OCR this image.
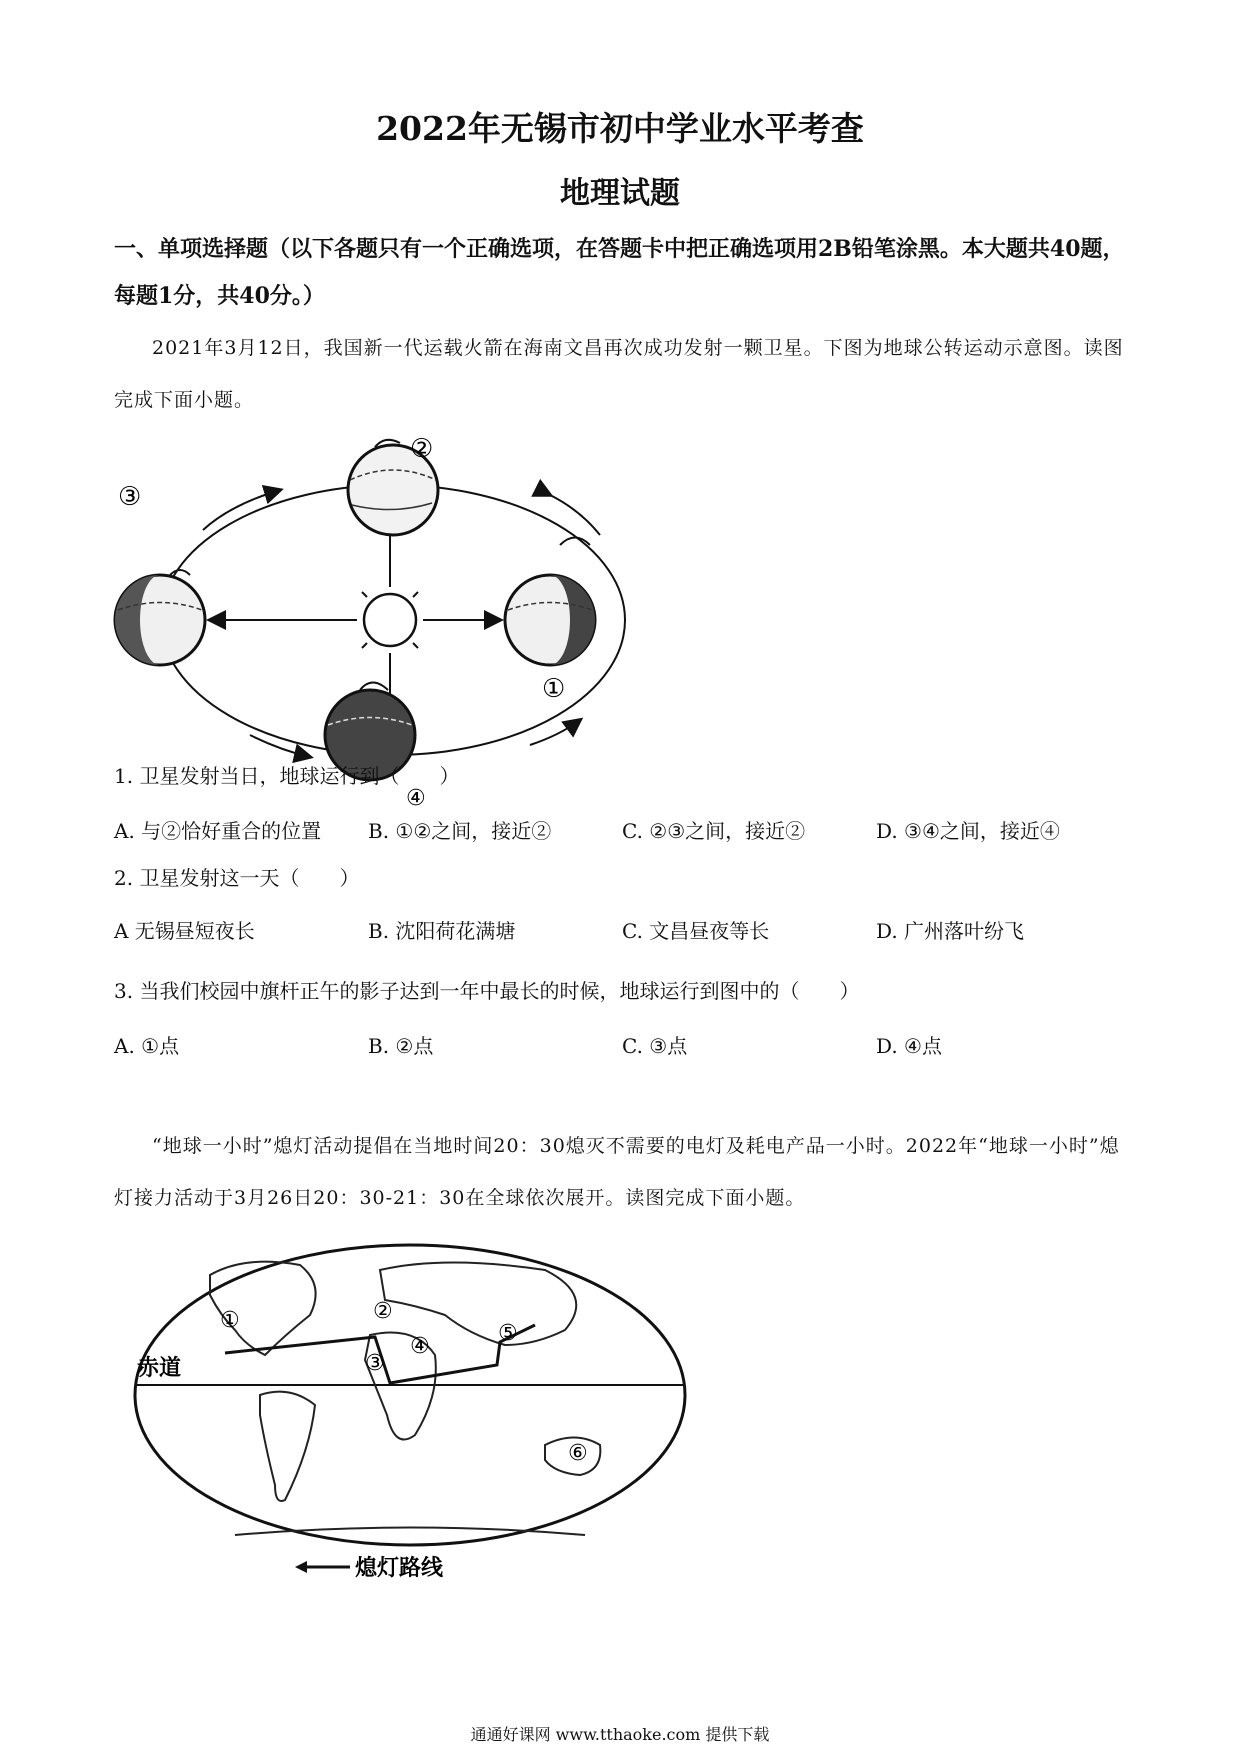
2022年无锡市初中学业水平考查
地理试题
一、单项选择题（以下各题只有一个正确选项，在答题卡中把正确选项用2B铅笔涂黑。本大题共40题，每题1分，共40分。）
2021年3月12日，我国新一代运载火箭在海南文昌再次成功发射一颗卫星。下图为地球公转运动示意图。读图完成下面小题。
②
③
①
④
1. 卫星发射当日，地球运行到（　　）
A. 与②恰好重合的位置 B. ①②之间，接近②	C. ②③之间，接近②	D. ③④之间，接近④
2. 卫星发射这一天（　　）
A 无锡昼短夜长	B. 沈阳荷花满塘	C. 文昌昼夜等长	D. 广州落叶纷飞
3. 当我们校园中旗杆正午的影子达到一年中最长的时候，地球运行到图中的（　　）
A. ①点	B. ②点	C. ③点	D. ④点
“地球一小时”熄灯活动提倡在当地时间20：30熄灭不需要的电灯及耗电产品一小时。2022年“地球一小时”熄灯接力活动于3月26日20：30-21：30在全球依次展开。读图完成下面小题。
①	②
③
④
⑤
⑥
赤道
熄灯路线
通通好课网 www.tthaoke.com 提供下载
